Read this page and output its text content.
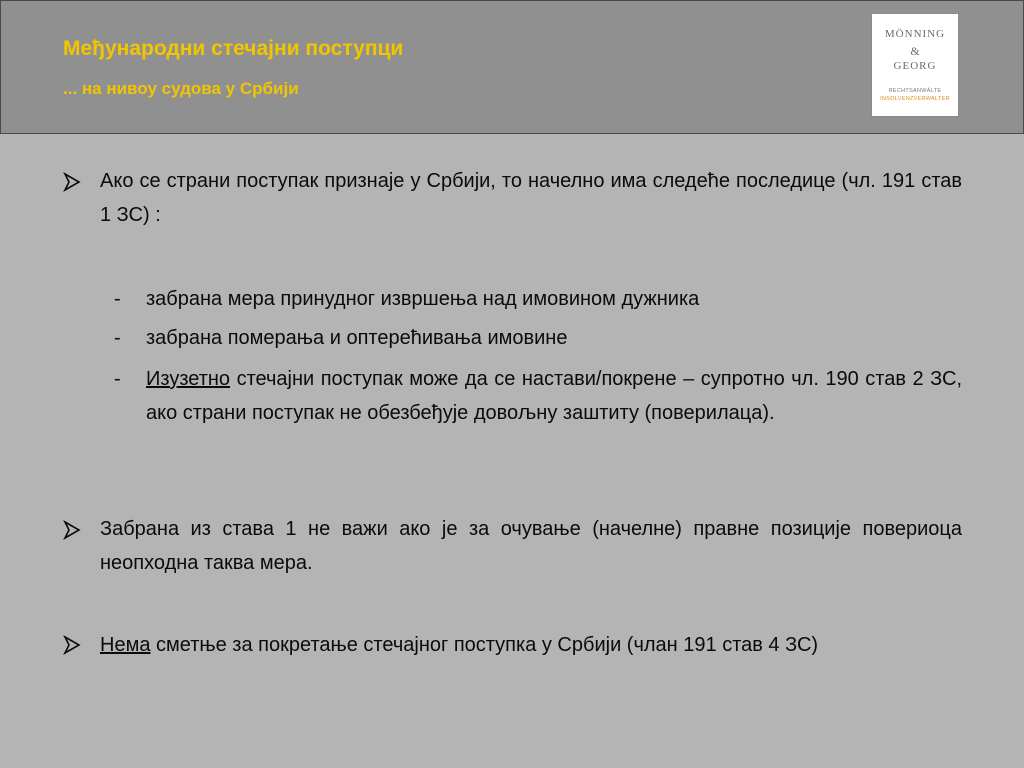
Међународни стечајни поступци
... на нивоу судова у Србији
MÖNNING
&
GEORG
RECHTSANWÄLTE
INSOLVENZVERWALTER
Ако се страни поступак признаје у Србији, то начелно има следеће последице (чл. 191 став 1 ЗС) :
-	забрана мера принудног извршења над имовином дужника
-	забрана померања и оптерећивања имовине
-	Изузетно стечајни поступак може да се настави/покрене – супротно чл. 190 став 2 ЗС, ако страни поступак не обезбеђује довољну заштиту (поверилаца).
Забрана из става 1 не важи ако је за очување (начелне) правне позиције повериоца неопходна таква мера.
Нема сметње за покретање стечајног поступка у Србији (члан 191 став 4 ЗС)
